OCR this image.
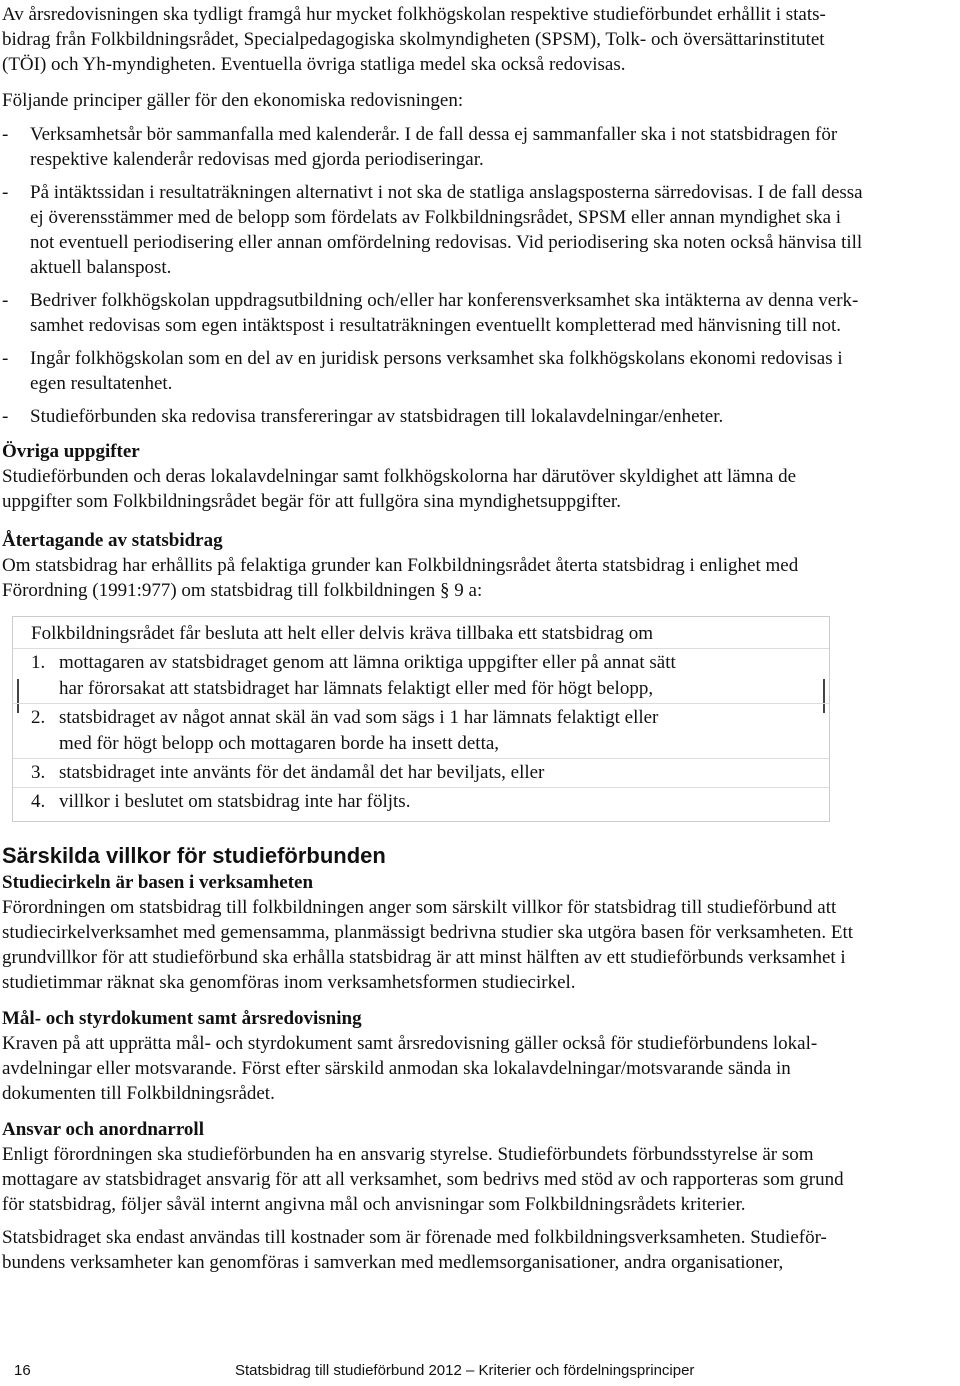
Av årsredovisningen ska tydligt framgå hur mycket folkhögskolan respektive studieförbundet erhållit i stats-
bidrag från Folkbildningsrådet, Specialpedagogiska skolmyndigheten (SPSM), Tolk- och översättarinstitutet
(TÖI) och Yh-myndigheten. Eventuella övriga statliga medel ska också redovisas.
Följande principer gäller för den ekonomiska redovisningen:
- Verksamhetsår bör sammanfalla med kalenderår. I de fall dessa ej sammanfaller ska i not statsbidragen för
respektive kalenderår redovisas med gjorda periodiseringar.
- På intäktssidan i resultaträkningen alternativt i not ska de statliga anslagsposterna särredovisas. I de fall dessa
ej överensstämmer med de belopp som fördelats av Folkbildningsrådet, SPSM eller annan myndighet ska i
not eventuell periodisering eller annan omfördelning redovisas. Vid periodisering ska noten också hänvisa till
aktuell balanspost.
- Bedriver folkhögskolan uppdragsutbildning och/eller har konferensverksamhet ska intäkterna av denna verk-
samhet redovisas som egen intäktspost i resultaträkningen eventuellt kompletterad med hänvisning till not.
- Ingår folkhögskolan som en del av en juridisk persons verksamhet ska folkhögskolans ekonomi redovisas i
egen resultatenhet.
- Studieförbunden ska redovisa transfereringar av statsbidragen till lokalavdelningar/enheter.
Övriga uppgifter
Studieförbunden och deras lokalavdelningar samt folkhögskolorna har därutöver skyldighet att lämna de
uppgifter som Folkbildningsrådet begär för att fullgöra sina myndighetsuppgifter.
Återtagande av statsbidrag
Om statsbidrag har erhållits på felaktiga grunder kan Folkbildningsrådet återta statsbidrag i enlighet med
Förordning (1991:977) om statsbidrag till folkbildningen § 9 a:
Folkbildningsrådet får besluta att helt eller delvis kräva tillbaka ett statsbidrag om
1. mottagaren av statsbidraget genom att lämna oriktiga uppgifter eller på annat sätt
har förorsakat att statsbidraget har lämnats felaktigt eller med för högt belopp,
2. statsbidraget av något annat skäl än vad som sägs i 1 har lämnats felaktigt eller
med för högt belopp och mottagaren borde ha insett detta,
3. statsbidraget inte använts för det ändamål det har beviljats, eller
4. villkor i beslutet om statsbidrag inte har följts.
Särskilda villkor för studieförbunden
Studiecirkeln är basen i verksamheten
Förordningen om statsbidrag till folkbildningen anger som särskilt villkor för statsbidrag till studieförbund att
studiecirkelverksamhet med gemensamma, planmässigt bedrivna studier ska utgöra basen för verksamheten. Ett
grundvillkor för att studieförbund ska erhålla statsbidrag är att minst hälften av ett studieförbunds verksamhet i
studietimmar räknat ska genomföras inom verksamhetsformen studiecirkel.
Mål- och styrdokument samt årsredovisning
Kraven på att upprätta mål- och styrdokument samt årsredovisning gäller också för studieförbundens lokal-
avdelningar eller motsvarande. Först efter särskild anmodan ska lokalavdelningar/motsvarande sända in
dokumenten till Folkbildningsrådet.
Ansvar och anordnarroll
Enligt förordningen ska studieförbunden ha en ansvarig styrelse. Studieförbundets förbundsstyrelse är som
mottagare av statsbidraget ansvarig för att all verksamhet, som bedrivs med stöd av och rapporteras som grund
för statsbidrag, följer såväl internt angivna mål och anvisningar som Folkbildningsrådets kriterier.
Statsbidraget ska endast användas till kostnader som är förenade med folkbildningsverksamheten. Studieför-
bundens verksamheter kan genomföras i samverkan med medlemsorganisationer, andra organisationer,
16	Statsbidrag till studieförbund 2012 – Kriterier och fördelningsprinciper
